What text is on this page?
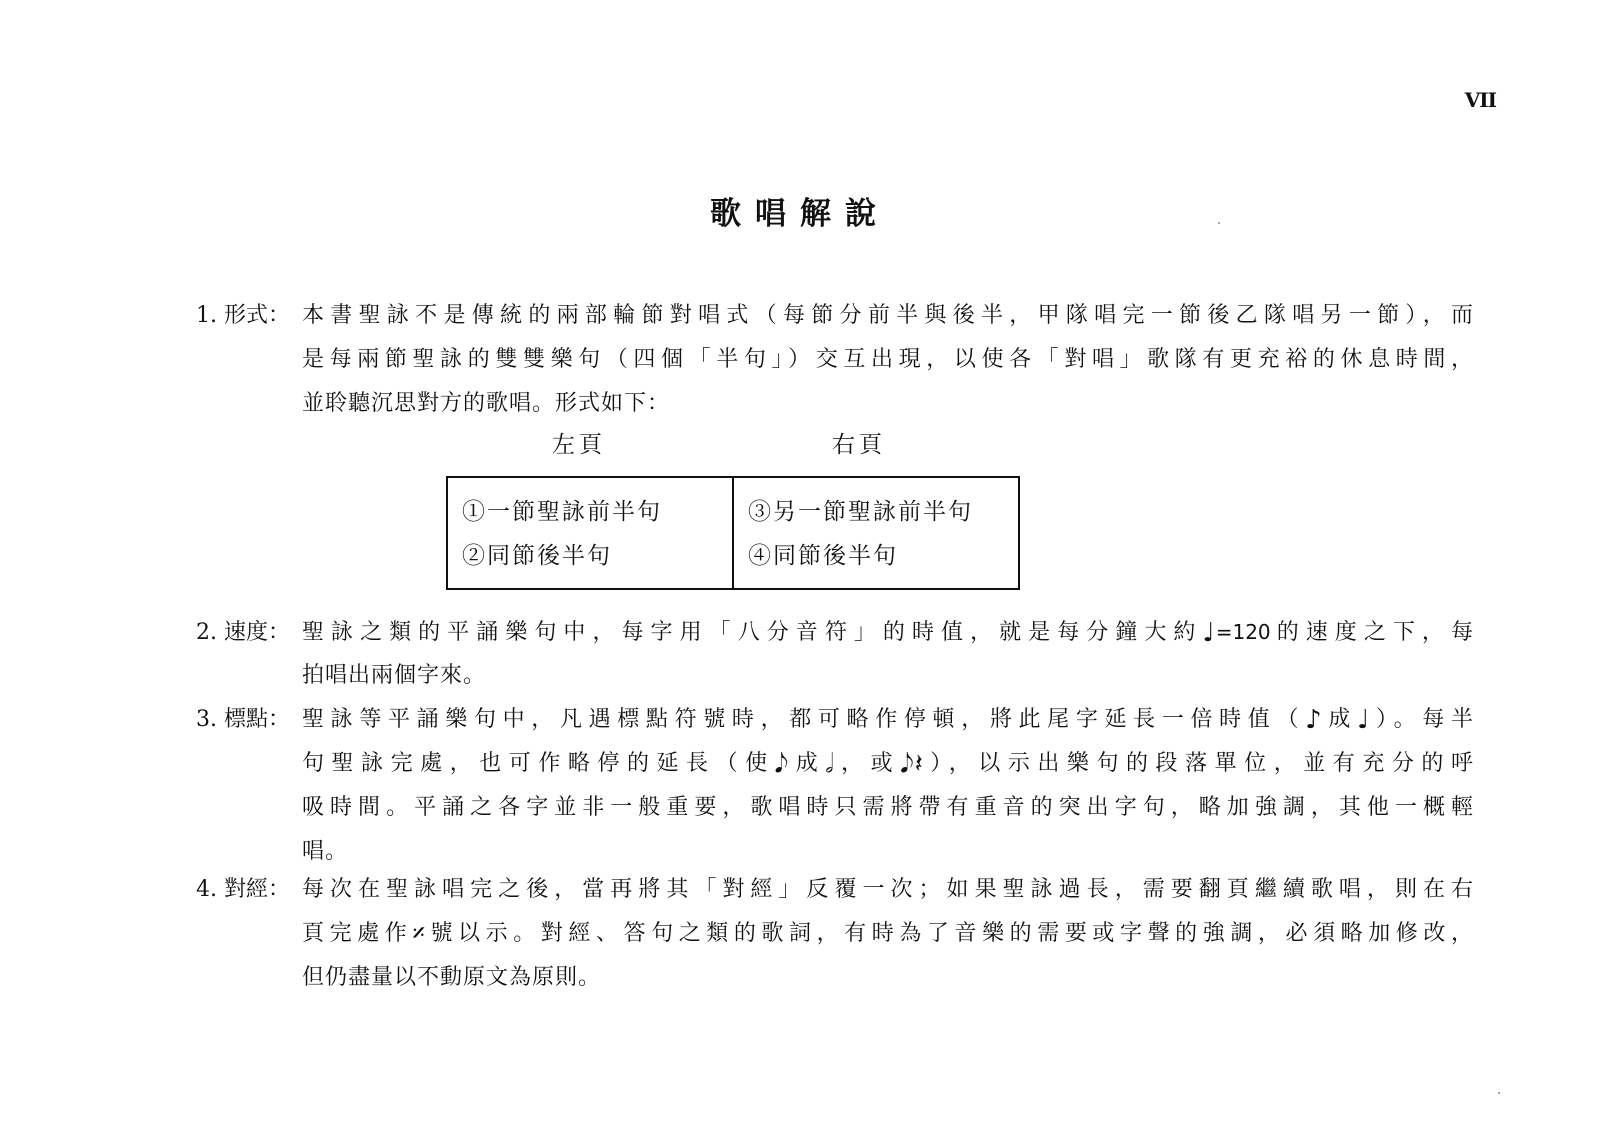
VII
歌唱解說
1. 形式： 本書聖詠不是傳統的兩部輪節對唱式（每節分前半與後半，甲隊唱完一節後乙隊唱另一節），而
是每兩節聖詠的雙雙樂句（四個「半句」）交互出現，以使各「對唱」歌隊有更充裕的休息時間，
並聆聽沉思對方的歌唱。形式如下：
左頁	右頁
①一節聖詠前半句
②同節後半句
③另一節聖詠前半句
④同節後半句
2. 速度： 聖詠之類的平誦樂句中，每字用「八分音符」的時值，就是每分鐘大約♩=120的速度之下，每
拍唱出兩個字來。
3. 標點： 聖詠等平誦樂句中，凡遇標點符號時，都可略作停頓，將此尾字延長一倍時值（♪成♩）。每半
句聖詠完處，也可作略停的延長（使𝅘𝅥𝅮成𝅗𝅥，或𝅘𝅥𝅮𝄽），以示出樂句的段落單位，並有充分的呼
吸時間。平誦之各字並非一般重要，歌唱時只需將帶有重音的突出字句，略加強調，其他一概輕
唱。
4. 對經： 每次在聖詠唱完之後，當再將其「對經」反覆一次；如果聖詠過長，需要翻頁繼續歌唱，則在右
頁完處作𝄎號以示。對經、答句之類的歌詞，有時為了音樂的需要或字聲的強調，必須略加修改，
但仍盡量以不動原文為原則。
